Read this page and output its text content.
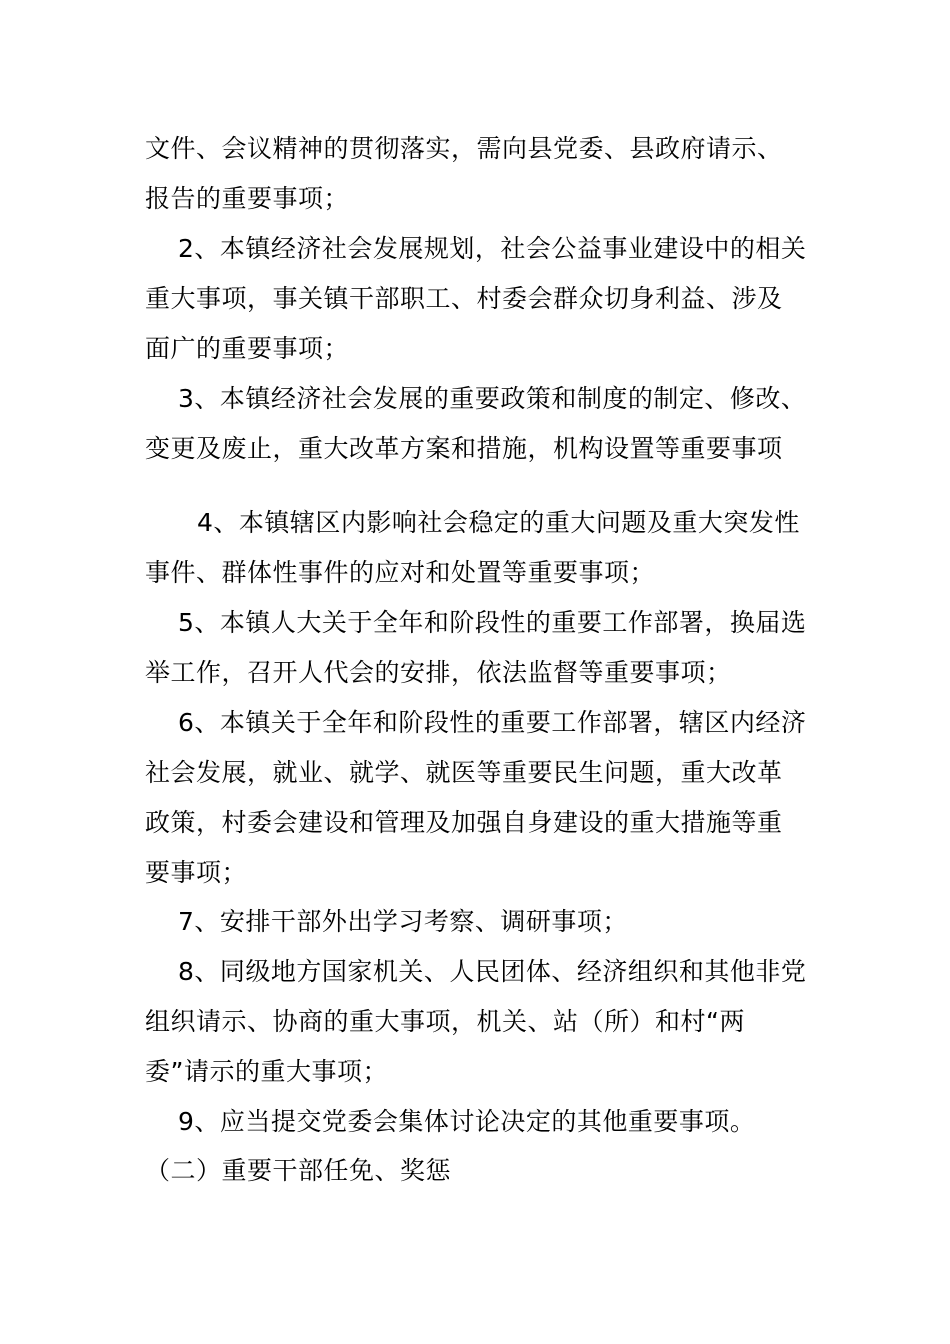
文件、会议精神的贯彻落实，需向县党委、县政府请示、
报告的重要事项；
2、本镇经济社会发展规划，社会公益事业建设中的相关
重大事项，事关镇干部职工、村委会群众切身利益、涉及
面广的重要事项；
3、本镇经济社会发展的重要政策和制度的制定、修改、
变更及废止，重大改革方案和措施，机构设置等重要事项
4、本镇辖区内影响社会稳定的重大问题及重大突发性
事件、群体性事件的应对和处置等重要事项；
5、本镇人大关于全年和阶段性的重要工作部署，换届选
举工作，召开人代会的安排，依法监督等重要事项；
6、本镇关于全年和阶段性的重要工作部署，辖区内经济
社会发展，就业、就学、就医等重要民生问题，重大改革
政策，村委会建设和管理及加强自身建设的重大措施等重
要事项；
7、安排干部外出学习考察、调研事项；
8、同级地方国家机关、人民团体、经济组织和其他非党
组织请示、协商的重大事项，机关、站（所）和村“两
委”请示的重大事项；
9、应当提交党委会集体讨论决定的其他重要事项。
（二）重要干部任免、奖惩
